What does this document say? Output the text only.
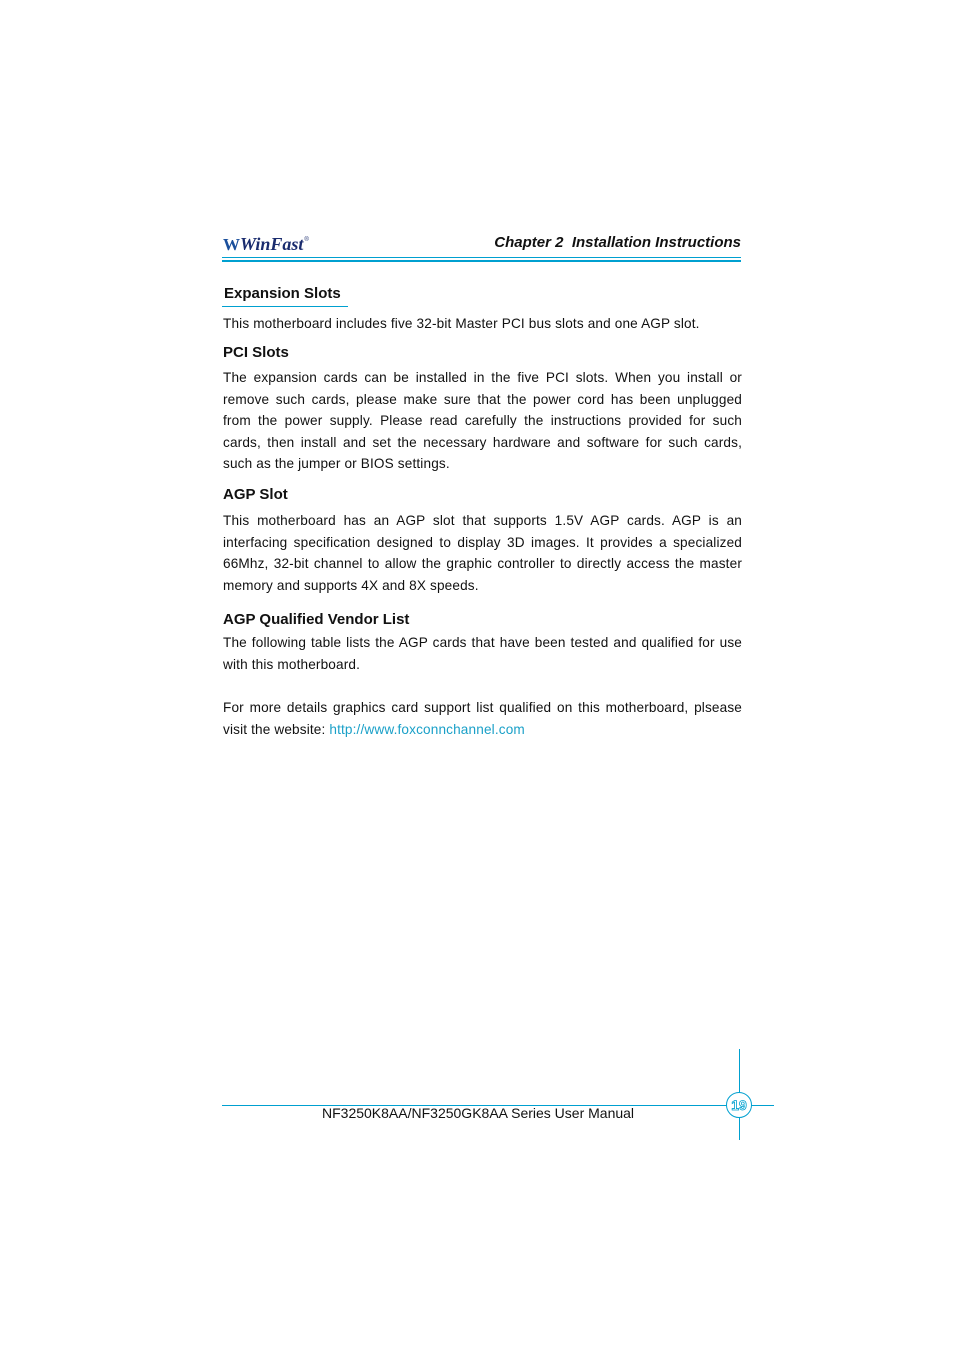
W WinFast ®	Chapter 2  Installation Instructions
Expansion Slots
This motherboard includes five 32-bit Master PCI bus slots and one AGP slot.
PCI Slots
The expansion cards can be installed in the five PCI slots. When you install or remove such cards, please make sure that the power cord has been unplugged from the power supply. Please read carefully the instructions provided for such cards, then install and set the necessary hardware and software for such cards, such as the jumper or BIOS settings.
AGP Slot
This motherboard has an AGP slot that supports 1.5V AGP cards. AGP is an interfacing specification designed to display 3D images. It provides a specialized 66Mhz, 32-bit channel to allow the graphic controller to directly access the master memory and supports 4X and 8X speeds.
AGP Qualified Vendor List
The following table lists the AGP cards that have been tested and qualified for use with this motherboard.
For more details graphics card support list qualified on this motherboard, plsease visit the website: http://www.foxconnchannel.com
19
NF3250K8AA/NF3250GK8AA Series User Manual
